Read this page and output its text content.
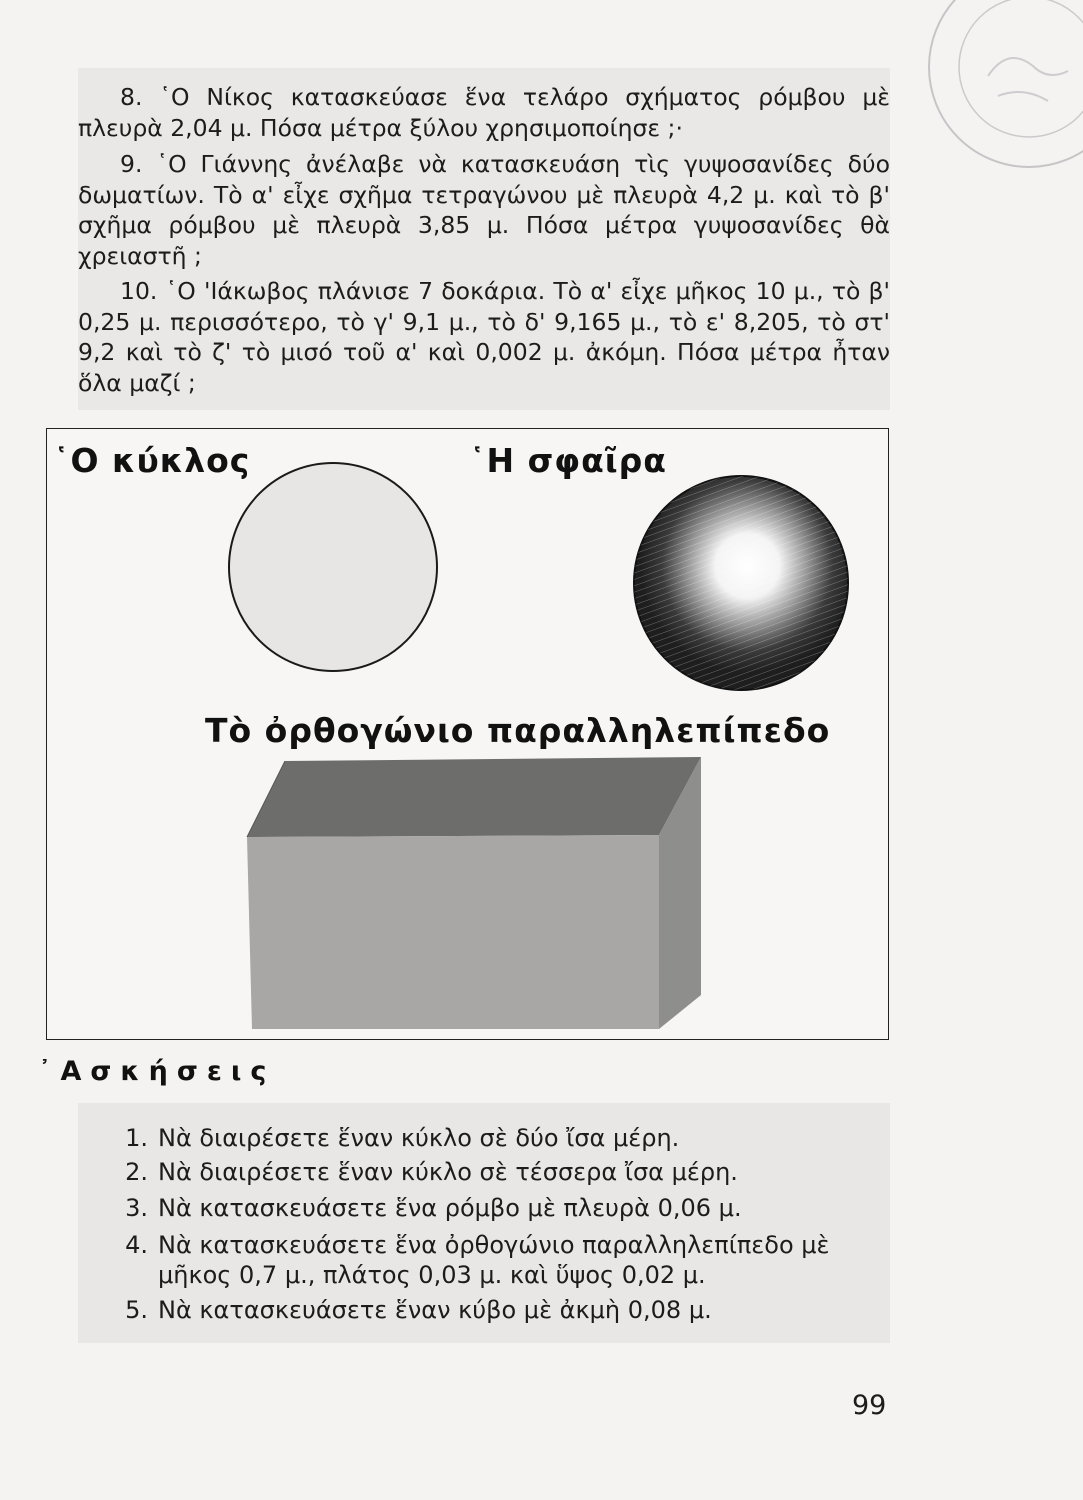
8. ῾Ο Νίκος κατασκεύασε ἕνα τελάρο σχήματος ρόμβου μὲ πλευρὰ 2,04 μ. Πόσα μέτρα ξύλου χρησιμοποίησε ;·

9. ῾Ο Γιάννης ἀνέλαβε νὰ κατασκευάση τὶς γυψοσανίδες δύο δωματίων. Τὸ α' εἶχε σχῆμα τετραγώνου μὲ πλευρὰ 4,2 μ. καὶ τὸ β' σχῆμα ρόμβου μὲ πλευρὰ 3,85 μ. Πόσα μέτρα γυψοσανίδες θὰ χρειαστῆ ;

10. ῾Ο 'Ιάκωβος πλάνισε 7 δοκάρια. Τὸ α' εἶχε μῆκος 10 μ., τὸ β' 0,25 μ. περισσότερο, τὸ γ' 9,1 μ., τὸ δ' 9,165 μ., τὸ ε' 8,205, τὸ στ' 9,2 καὶ τὸ ζ' τὸ μισό τοῦ α' καὶ 0,002 μ. ἀκόμη. Πόσα μέτρα ἦταν ὅλα μαζί ;

῾Ο κύκλος	῾Η σφαῖρα
Τὸ ὀρθογώνιο παραλληλεπίπεδο
᾿Ασκήσεις
1. Νὰ διαιρέσετε ἕναν κύκλο σὲ δύο ἴσα μέρη.
2. Νὰ διαιρέσετε ἕναν κύκλο σὲ τέσσερα ἴσα μέρη.
3. Νὰ κατασκευάσετε ἕνα ρόμβο μὲ πλευρὰ 0,06 μ.
4. Νὰ κατασκευάσετε ἕνα ὀρθογώνιο παραλληλεπίπεδο μὲ μῆκος 0,7 μ., πλάτος 0,03 μ. καὶ ὕψος 0,02 μ.
5. Νὰ κατασκευάσετε ἕναν κύβο μὲ ἀκμὴ 0,08 μ.
99
